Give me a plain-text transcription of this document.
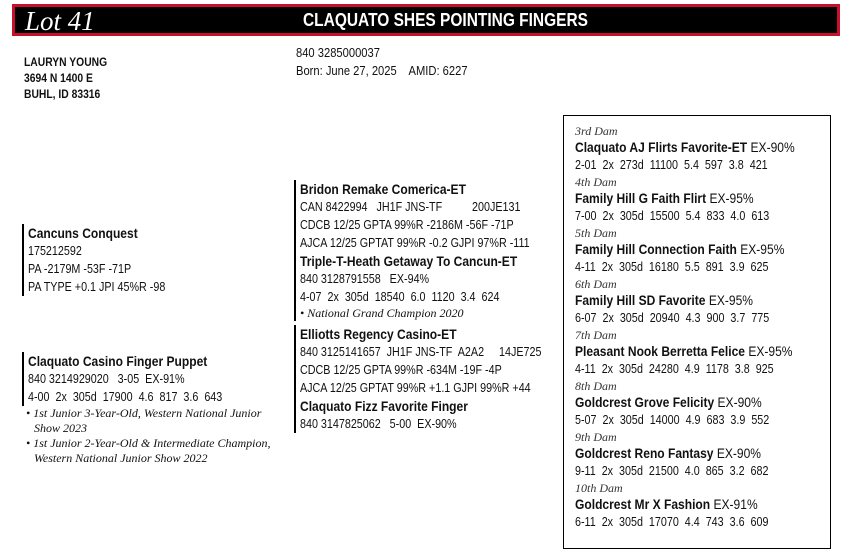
Lot 41	CLAQUATO SHES POINTING FINGERS
LAURYN YOUNG
3694 N 1400 E
BUHL, ID 83316
840 3285000037
Born: June 27, 2025    AMID: 6227
Cancuns Conquest
175212592
PA -2179M -53F -71P
PA TYPE +0.1 JPI 45%R -98
Claquato Casino Finger Puppet
840 3214929020   3-05  EX-91%
4-00  2x  305d  17900  4.6  817  3.6  643
• 1st Junior 3-Year-Old, Western National Junior Show 2023
• 1st Junior 2-Year-Old & Intermediate Champion, Western National Junior Show 2022
Bridon Remake Comerica-ET
CAN 8422994   JH1F JNS-TF          200JE131
CDCB 12/25 GPTA 99%R -2186M -56F -71P
AJCA 12/25 GPTAT 99%R -0.2 GJPI 97%R -111
Triple-T-Heath Getaway To Cancun-ET
840 3128791558   EX-94%
4-07  2x  305d  18540  6.0  1120  3.4  624
• National Grand Champion 2020
Elliotts Regency Casino-ET
840 3125141657  JH1F JNS-TF  A2A2     14JE725
CDCB 12/25 GPTA 99%R -634M -19F -4P
AJCA 12/25 GPTAT 99%R +1.1 GJPI 99%R +44
Claquato Fizz Favorite Finger
840 3147825062   5-00  EX-90%
3rd Dam
Claquato AJ Flirts Favorite-ET EX-90%
2-01  2x  273d  11100  5.4  597  3.8  421
4th Dam
Family Hill G Faith Flirt EX-95%
7-00  2x  305d  15500  5.4  833  4.0  613
5th Dam
Family Hill Connection Faith EX-95%
4-11  2x  305d  16180  5.5  891  3.9  625
6th Dam
Family Hill SD Favorite EX-95%
6-07  2x  305d  20940  4.3  900  3.7  775
7th Dam
Pleasant Nook Berretta Felice EX-95%
4-11  2x  305d  24280  4.9  1178  3.8  925
8th Dam
Goldcrest Grove Felicity EX-90%
5-07  2x  305d  14000  4.9  683  3.9  552
9th Dam
Goldcrest Reno Fantasy EX-90%
9-11  2x  305d  21500  4.0  865  3.2  682
10th Dam
Goldcrest Mr X Fashion EX-91%
6-11  2x  305d  17070  4.4  743  3.6  609
